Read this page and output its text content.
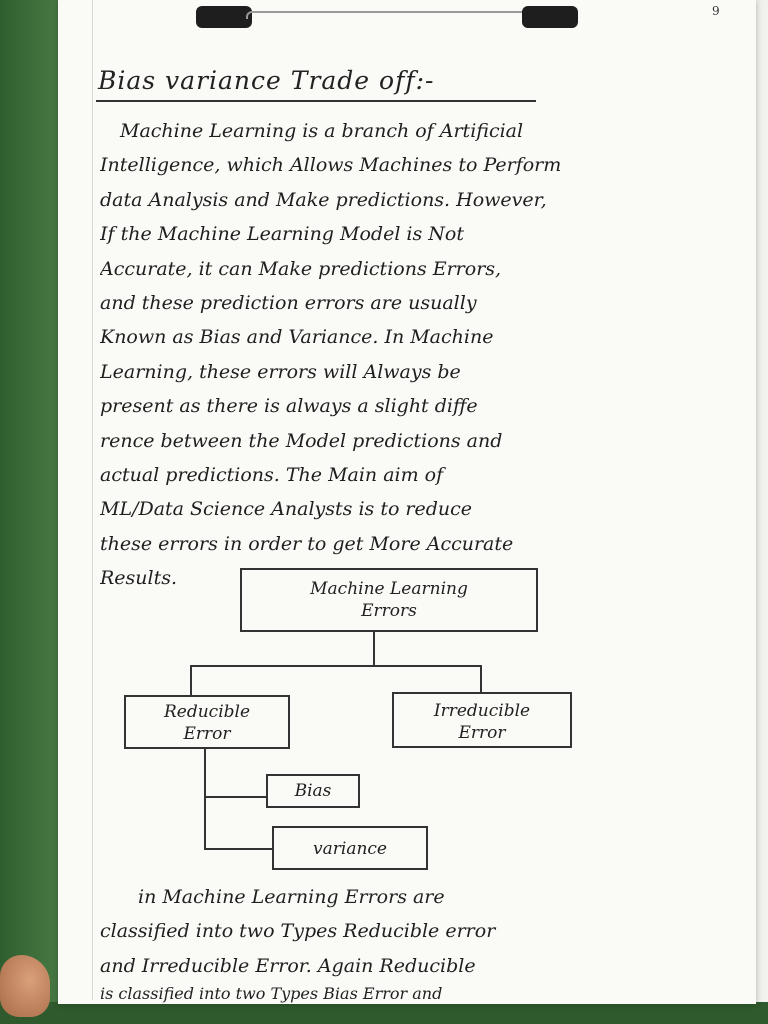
9
Bias variance Trade off:-
Machine Learning is a branch of Artificial
Intelligence, which Allows Machines to Perform
data Analysis and Make predictions. However,
If the Machine Learning Model is Not
Accurate, it can Make predictions Errors,
and these prediction errors are usually
Known as Bias and Variance. In Machine
Learning, these errors will Always be
present as there is always a slight diffe
rence between the Model predictions and
actual predictions. The Main aim of
ML/Data Science Analysts is to reduce
these errors in order to get More Accurate
Results.	Machine Learning
Errors
Reducible
Error
Irreducible
Error
Bias
variance
in Machine Learning Errors are
classified into two Types Reducible error
and Irreducible Error. Again Reducible
is classified into two Types Bias Error and
